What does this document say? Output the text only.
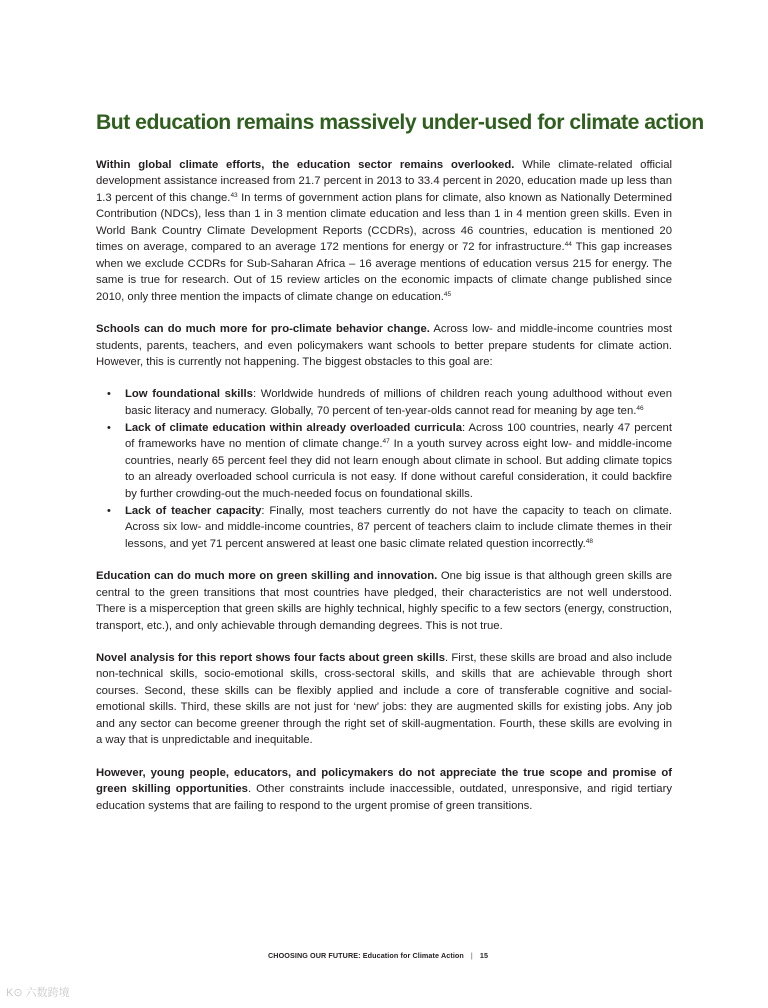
But education remains massively under-used for climate action

Within global climate efforts, the education sector remains overlooked. While climate-related official development assistance increased from 21.7 percent in 2013 to 33.4 percent in 2020, education made up less than 1.3 percent of this change.$^{43}$ In terms of government action plans for climate, also known as Nationally Determined Contribution (NDCs), less than 1 in 3 mention climate education and less than 1 in 4 mention green skills. Even in World Bank Country Climate Development Reports (CCDRs), across 46 countries, education is mentioned 20 times on average, compared to an average 172 mentions for energy or 72 for infrastructure.$^{44}$ This gap increases when we exclude CCDRs for Sub-Saharan Africa – 16 average mentions of education versus 215 for energy. The same is true for research. Out of 15 review articles on the economic impacts of climate change published since 2010, only three mention the impacts of climate change on education.$^{45}$

Schools can do much more for pro-climate behavior change. Across low- and middle-income countries most students, parents, teachers, and even policymakers want schools to better prepare students for climate action. However, this is currently not happening. The biggest obstacles to this goal are:

• Low foundational skills: Worldwide hundreds of millions of children reach young adulthood without even basic literacy and numeracy. Globally, 70 percent of ten-year-olds cannot read for meaning by age ten.$^{46}$
• Lack of climate education within already overloaded curricula: Across 100 countries, nearly 47 percent of frameworks have no mention of climate change.$^{47}$ In a youth survey across eight low- and middle-income countries, nearly 65 percent feel they did not learn enough about climate in school. But adding climate topics to an already overloaded school curricula is not easy. If done without careful consideration, it could backfire by further crowding-out the much-needed focus on foundational skills.
• Lack of teacher capacity: Finally, most teachers currently do not have the capacity to teach on climate. Across six low- and middle-income countries, 87 percent of teachers claim to include climate themes in their lessons, and yet 71 percent answered at least one basic climate related question incorrectly.$^{48}$

Education can do much more on green skilling and innovation. One big issue is that although green skills are central to the green transitions that most countries have pledged, their characteristics are not well understood. There is a misperception that green skills are highly technical, highly specific to a few sectors (energy, construction, transport, etc.), and only achievable through demanding degrees. This is not true.

Novel analysis for this report shows four facts about green skills. First, these skills are broad and also include non-technical skills, socio-emotional skills, cross-sectoral skills, and skills that are achievable through short courses. Second, these skills can be flexibly applied and include a core of transferable cognitive and social-emotional skills. Third, these skills are not just for ‘new’ jobs: they are augmented skills for existing jobs. Any job and any sector can become greener through the right set of skill-augmentation. Fourth, these skills are evolving in a way that is unpredictable and inequitable.

However, young people, educators, and policymakers do not appreciate the true scope and promise of green skilling opportunities. Other constraints include inaccessible, outdated, unresponsive, and rigid tertiary education systems that are failing to respond to the urgent promise of green transitions.

CHOOSING OUR FUTURE: Education for Climate Action | 15
K⊙ 六数跨境
